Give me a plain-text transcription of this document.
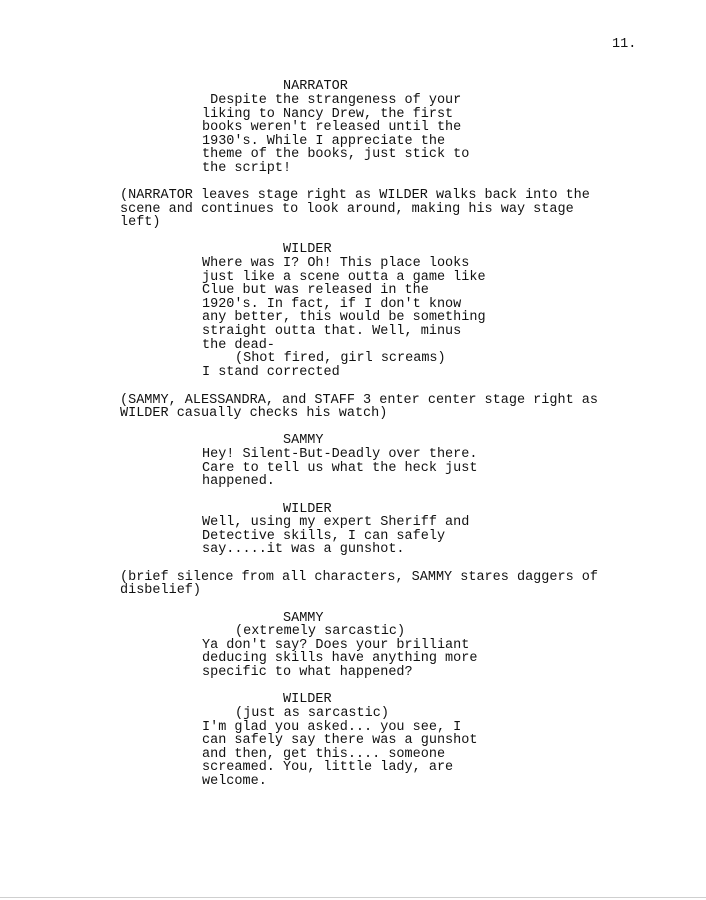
11.
NARRATOR
Despite the strangeness of your
liking to Nancy Drew, the first
books weren't released until the
1930's. While I appreciate the
theme of the books, just stick to
the script!
(NARRATOR leaves stage right as WILDER walks back into the
scene and continues to look around, making his way stage
left)
WILDER
Where was I? Oh! This place looks
just like a scene outta a game like
Clue but was released in the
1920's. In fact, if I don't know
any better, this would be something
straight outta that. Well, minus
the dead-
(Shot fired, girl screams)
I stand corrected
(SAMMY, ALESSANDRA, and STAFF 3 enter center stage right as
WILDER casually checks his watch)
SAMMY
Hey! Silent-But-Deadly over there.
Care to tell us what the heck just
happened.
WILDER
Well, using my expert Sheriff and
Detective skills, I can safely
say.....it was a gunshot.
(brief silence from all characters, SAMMY stares daggers of
disbelief)
SAMMY
(extremely sarcastic)
Ya don't say? Does your brilliant
deducing skills have anything more
specific to what happened?
WILDER
(just as sarcastic)
I'm glad you asked... you see, I
can safely say there was a gunshot
and then, get this.... someone
screamed. You, little lady, are
welcome.
